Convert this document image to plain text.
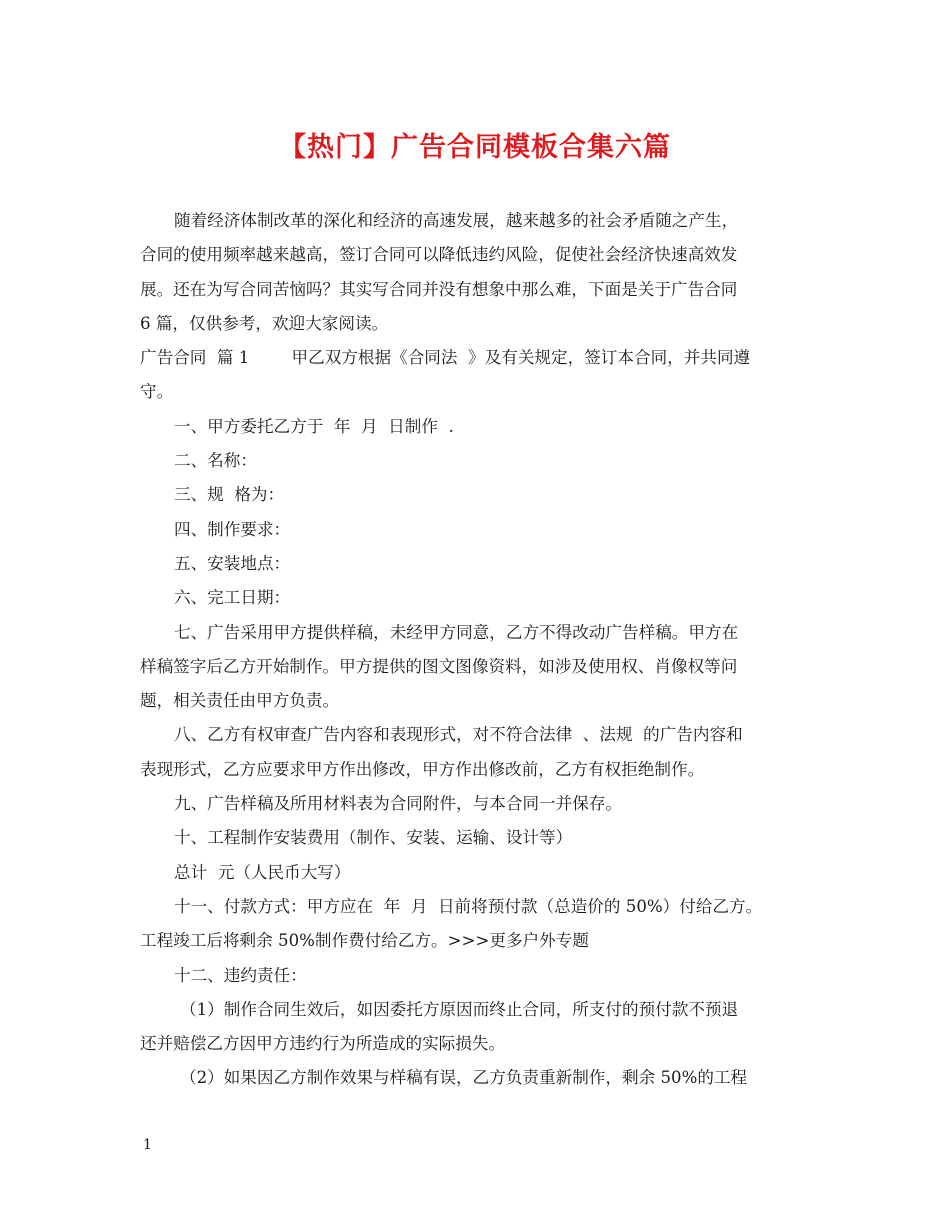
【热门】广告合同模板合集六篇
随着经济体制改革的深化和经济的高速发展，越来越多的社会矛盾随之产生，
合同的使用频率越来越高，签订合同可以降低违约风险，促使社会经济快速高效发
展。还在为写合同苦恼吗？其实写合同并没有想象中那么难，下面是关于广告合同
6 篇，仅供参考，欢迎大家阅读。
广告合同  篇 1        甲乙双方根据《合同法  》及有关规定，签订本合同，并共同遵
守。
一、甲方委托乙方于  年  月  日制作  .
二、名称：
三、规  格为：
四、制作要求：
五、安装地点：
六、完工日期：
七、广告采用甲方提供样稿，未经甲方同意，乙方不得改动广告样稿。甲方在
样稿签字后乙方开始制作。甲方提供的图文图像资料，如涉及使用权、肖像权等问
题，相关责任由甲方负责。
八、乙方有权审查广告内容和表现形式，对不符合法律  、法规  的广告内容和
表现形式，乙方应要求甲方作出修改，甲方作出修改前，乙方有权拒绝制作。
九、广告样稿及所用材料表为合同附件，与本合同一并保存。
十、工程制作安装费用（制作、安装、运输、设计等）
总计  元（人民币大写）
十一、付款方式：甲方应在  年  月  日前将预付款（总造价的 50%）付给乙方。
工程竣工后将剩余 50%制作费付给乙方。>>>更多户外专题
十二、违约责任：
（1）制作合同生效后，如因委托方原因而终止合同，所支付的预付款不预退
还并赔偿乙方因甲方违约行为所造成的实际损失。
（2）如果因乙方制作效果与样稿有误，乙方负责重新制作，剩余 50%的工程
1
